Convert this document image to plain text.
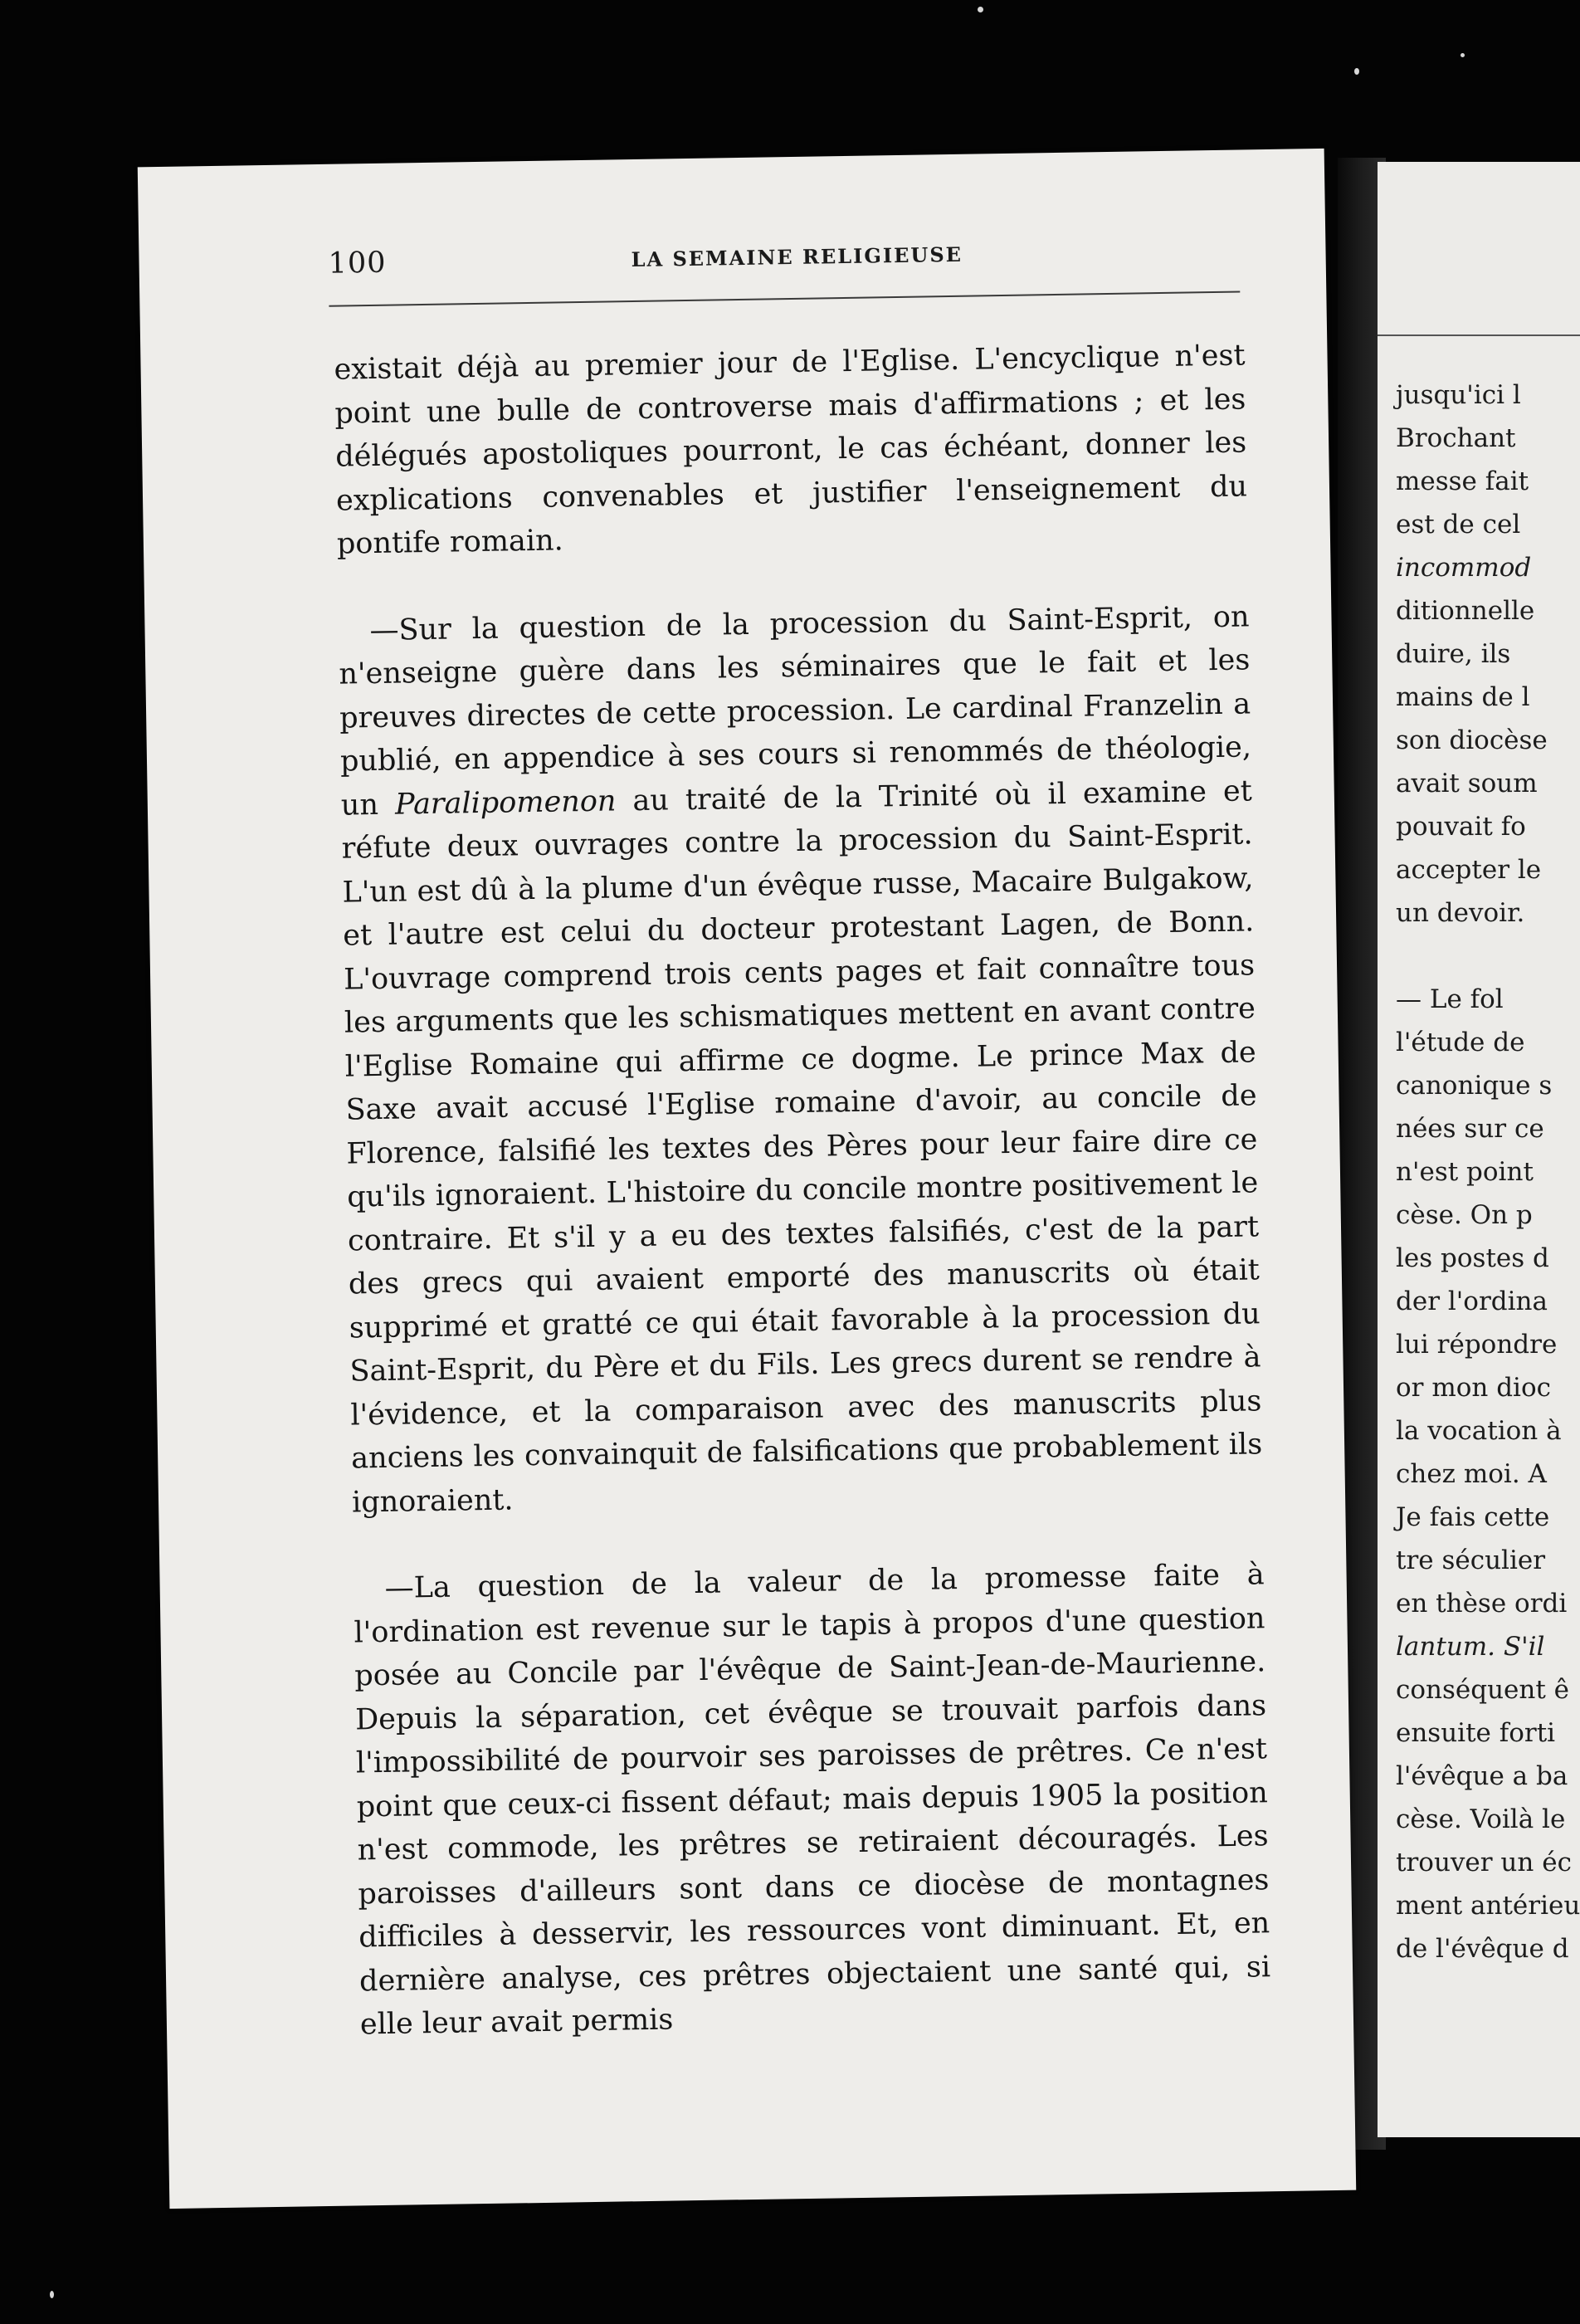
jusqu'ici l
Brochant
messe fait
est de cel
incommod
ditionnelle
duire, ils
mains de l
son diocèse
avait soum
pouvait fo
accepter le
un devoir.
— Le fol
l'étude de
canonique s
nées sur ce
n'est point
cèse. On p
les postes d
der l'ordina
lui répondre
or mon dioc
la vocation à
chez moi. A
Je fais cette
tre séculier
en thèse ordi
lantum. S'il
conséquent ê
ensuite forti
l'évêque a ba
cèse. Voilà le
trouver un éc
ment antérieu
de l'évêque d
100	LA SEMAINE RELIGIEUSE

existait déjà au premier jour de l'Eglise. L'encyclique n'est point une bulle de controverse mais d'affirmations ; et les délégués apostoliques pourront, le cas échéant, donner les explications convenables et justifier l'enseignement du pontife romain.

—Sur la question de la procession du Saint-Esprit, on n'enseigne guère dans les séminaires que le fait et les preuves directes de cette procession. Le cardinal Franzelin a publié, en appendice à ses cours si renommés de théologie, un Paralipomenon au traité de la Trinité où il examine et réfute deux ouvrages contre la procession du Saint-Esprit. L'un est dû à la plume d'un évêque russe, Macaire Bulgakow, et l'autre est celui du docteur protestant Lagen, de Bonn. L'ouvrage comprend trois cents pages et fait connaître tous les arguments que les schismatiques mettent en avant contre l'Eglise Romaine qui affirme ce dogme. Le prince Max de Saxe avait accusé l'Eglise romaine d'avoir, au concile de Florence, falsifié les textes des Pères pour leur faire dire ce qu'ils ignoraient. L'histoire du concile montre positivement le contraire. Et s'il y a eu des textes falsifiés, c'est de la part des grecs qui avaient emporté des manuscrits où était supprimé et gratté ce qui était favorable à la procession du Saint-Esprit, du Père et du Fils. Les grecs durent se rendre à l'évidence, et la comparaison avec des manuscrits plus anciens les convainquit de falsifications que probablement ils ignoraient.

—La question de la valeur de la promesse faite à l'ordination est revenue sur le tapis à propos d'une question posée au Concile par l'évêque de Saint-Jean-de-Maurienne. Depuis la séparation, cet évêque se trouvait parfois dans l'impossibilité de pourvoir ses paroisses de prêtres. Ce n'est point que ceux-ci fissent défaut; mais depuis 1905 la position n'est commode, les prêtres se retiraient découragés. Les paroisses d'ailleurs sont dans ce diocèse de montagnes difficiles à desservir, les ressources vont diminuant. Et, en dernière analyse, ces prêtres objectaient une santé qui, si elle leur avait permis
